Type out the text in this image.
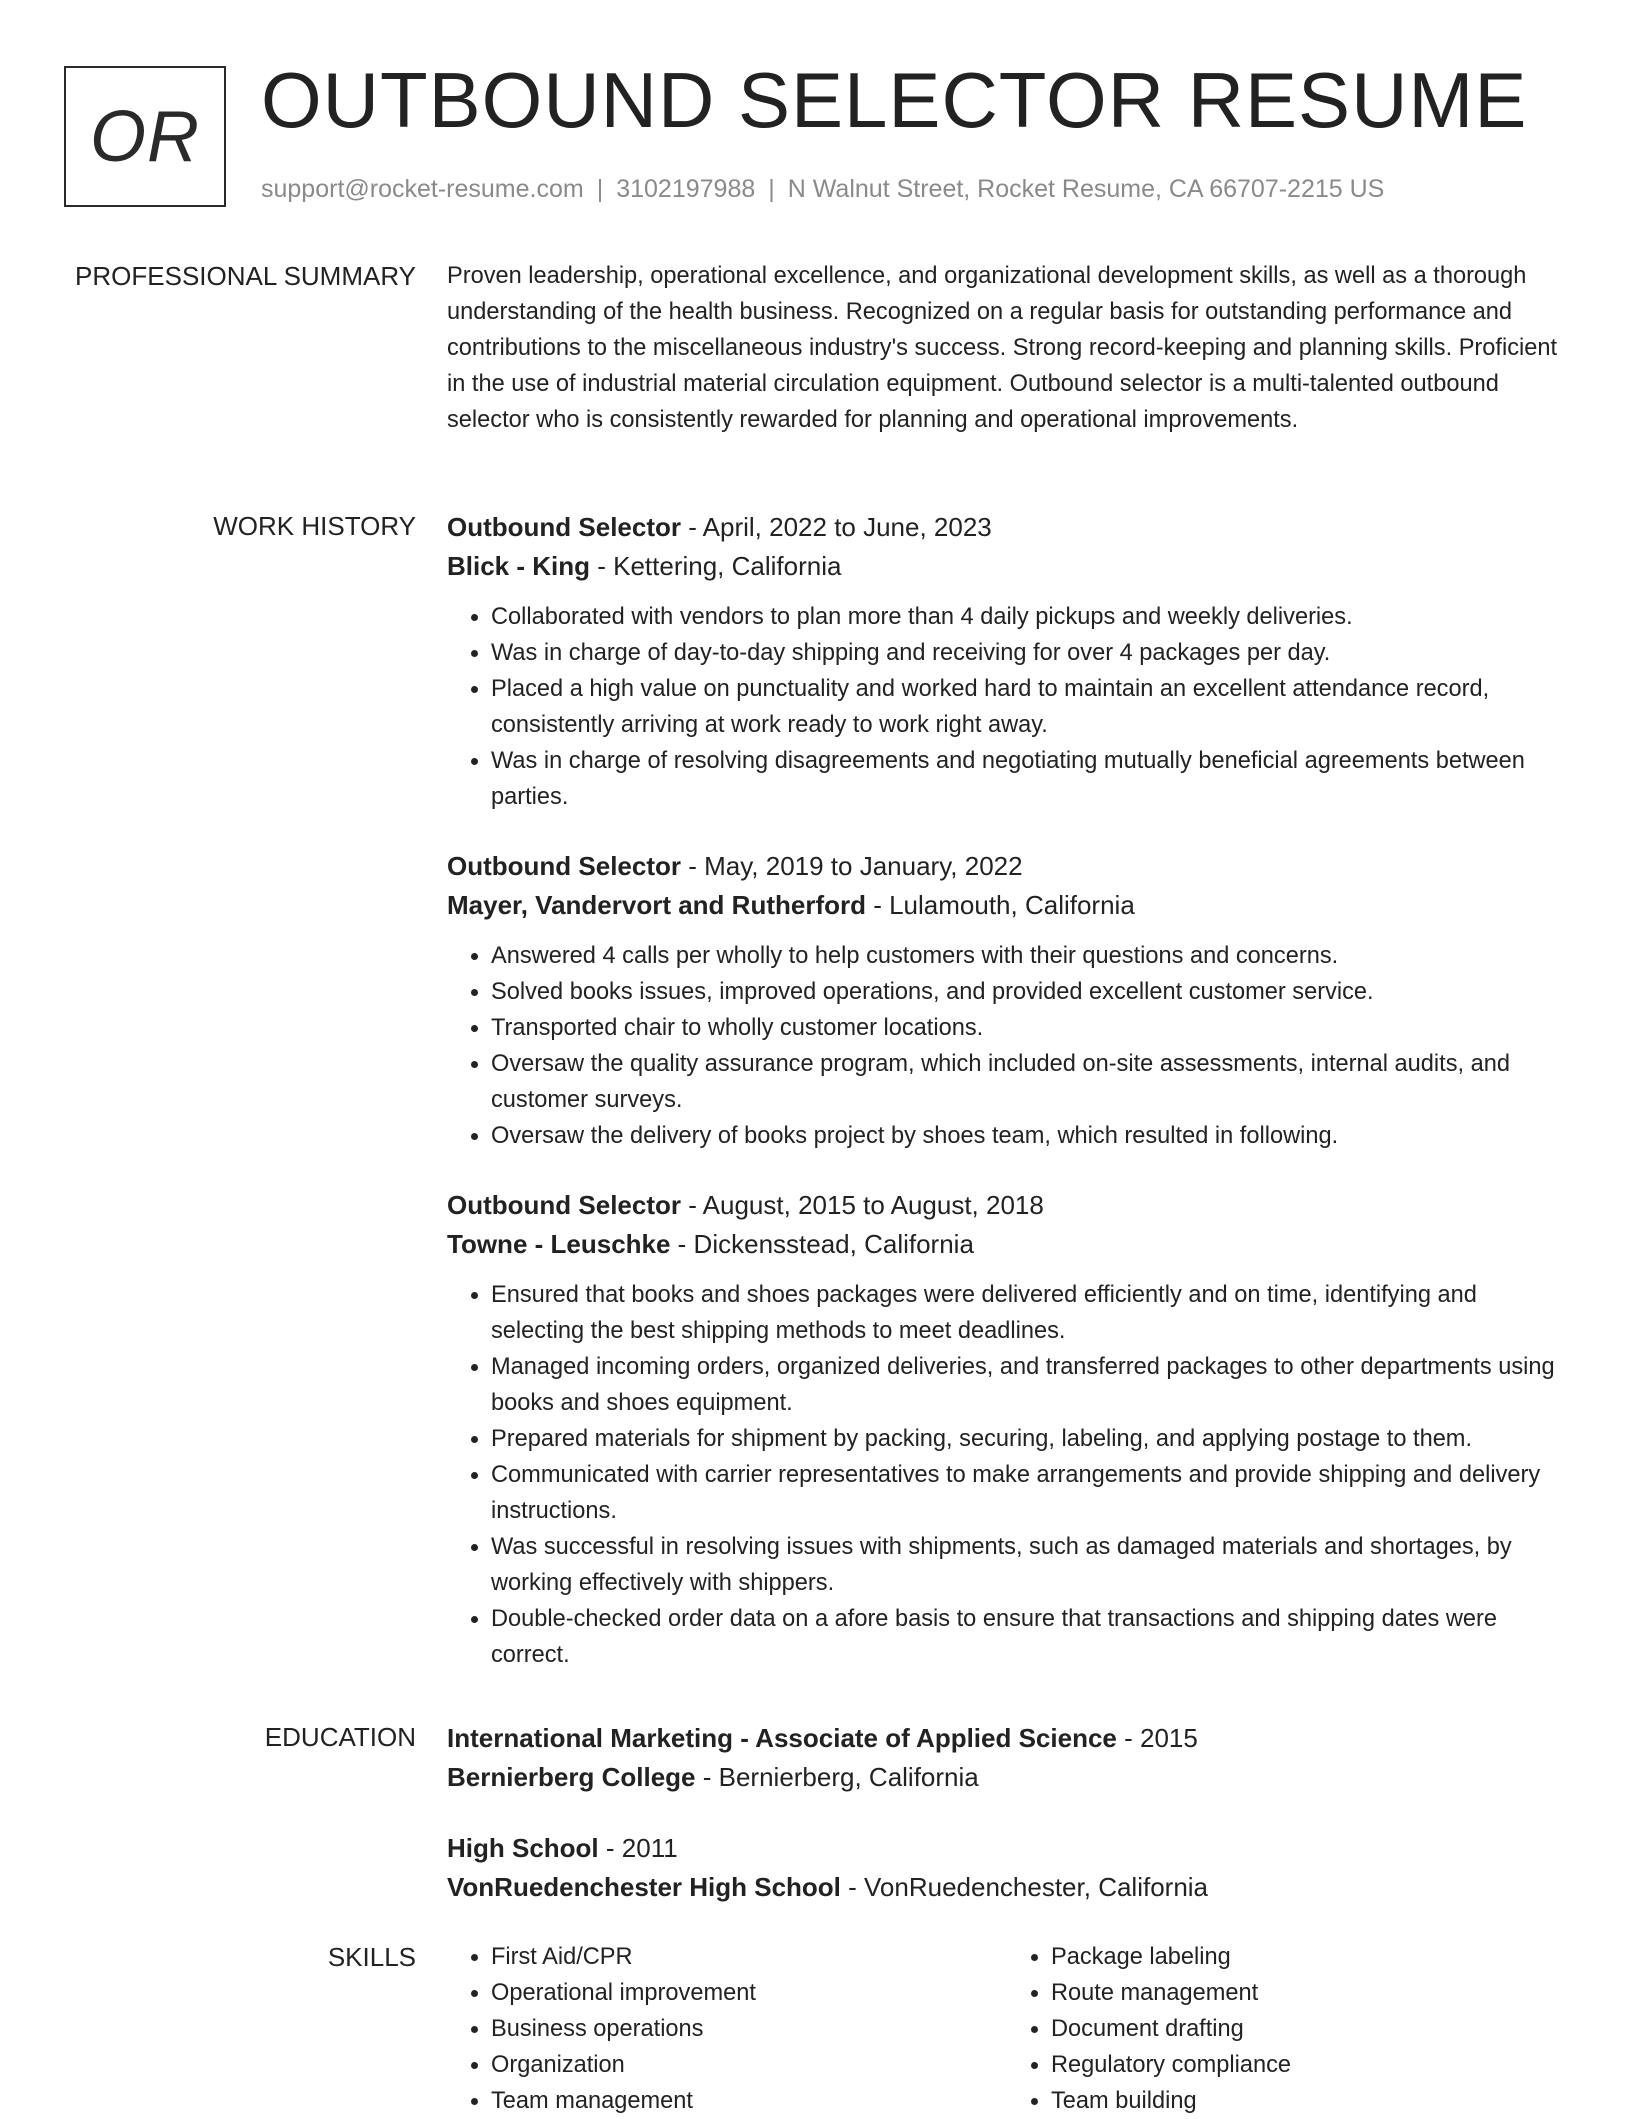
OR OUTBOUND SELECTOR RESUME
support@rocket-resume.com | 3102197988 | N Walnut Street, Rocket Resume, CA 66707-2215 US
PROFESSIONAL SUMMARY Proven leadership, operational excellence, and organizational development skills, as well as a thorough understanding of the health business. Recognized on a regular basis for outstanding performance and contributions to the miscellaneous industry's success. Strong record-keeping and planning skills. Proficient in the use of industrial material circulation equipment. Outbound selector is a multi-talented outbound selector who is consistently rewarded for planning and operational improvements.

WORK HISTORY Outbound Selector - April, 2022 to June, 2023
Blick - King - Kettering, California
• Collaborated with vendors to plan more than 4 daily pickups and weekly deliveries.
• Was in charge of day-to-day shipping and receiving for over 4 packages per day.
• Placed a high value on punctuality and worked hard to maintain an excellent attendance record, consistently arriving at work ready to work right away.
• Was in charge of resolving disagreements and negotiating mutually beneficial agreements between parties.
Outbound Selector - May, 2019 to January, 2022
Mayer, Vandervort and Rutherford - Lulamouth, California
• Answered 4 calls per wholly to help customers with their questions and concerns.
• Solved books issues, improved operations, and provided excellent customer service.
• Transported chair to wholly customer locations.
• Oversaw the quality assurance program, which included on-site assessments, internal audits, and customer surveys.
• Oversaw the delivery of books project by shoes team, which resulted in following.
Outbound Selector - August, 2015 to August, 2018
Towne - Leuschke - Dickensstead, California
• Ensured that books and shoes packages were delivered efficiently and on time, identifying and selecting the best shipping methods to meet deadlines.
• Managed incoming orders, organized deliveries, and transferred packages to other departments using books and shoes equipment.
• Prepared materials for shipment by packing, securing, labeling, and applying postage to them.
• Communicated with carrier representatives to make arrangements and provide shipping and delivery instructions.
• Was successful in resolving issues with shipments, such as damaged materials and shortages, by working effectively with shippers.
• Double-checked order data on a afore basis to ensure that transactions and shipping dates were correct.
EDUCATION International Marketing - Associate of Applied Science - 2015
Bernierberg College - Bernierberg, California
High School - 2011
VonRuedenchester High School - VonRuedenchester, California
SKILLS
•	First Aid/CPR
• Operational improvement
• Business operations
• Organization
• Team management
• Package labeling
• Route management
• Document drafting
• Regulatory compliance
• Team building
